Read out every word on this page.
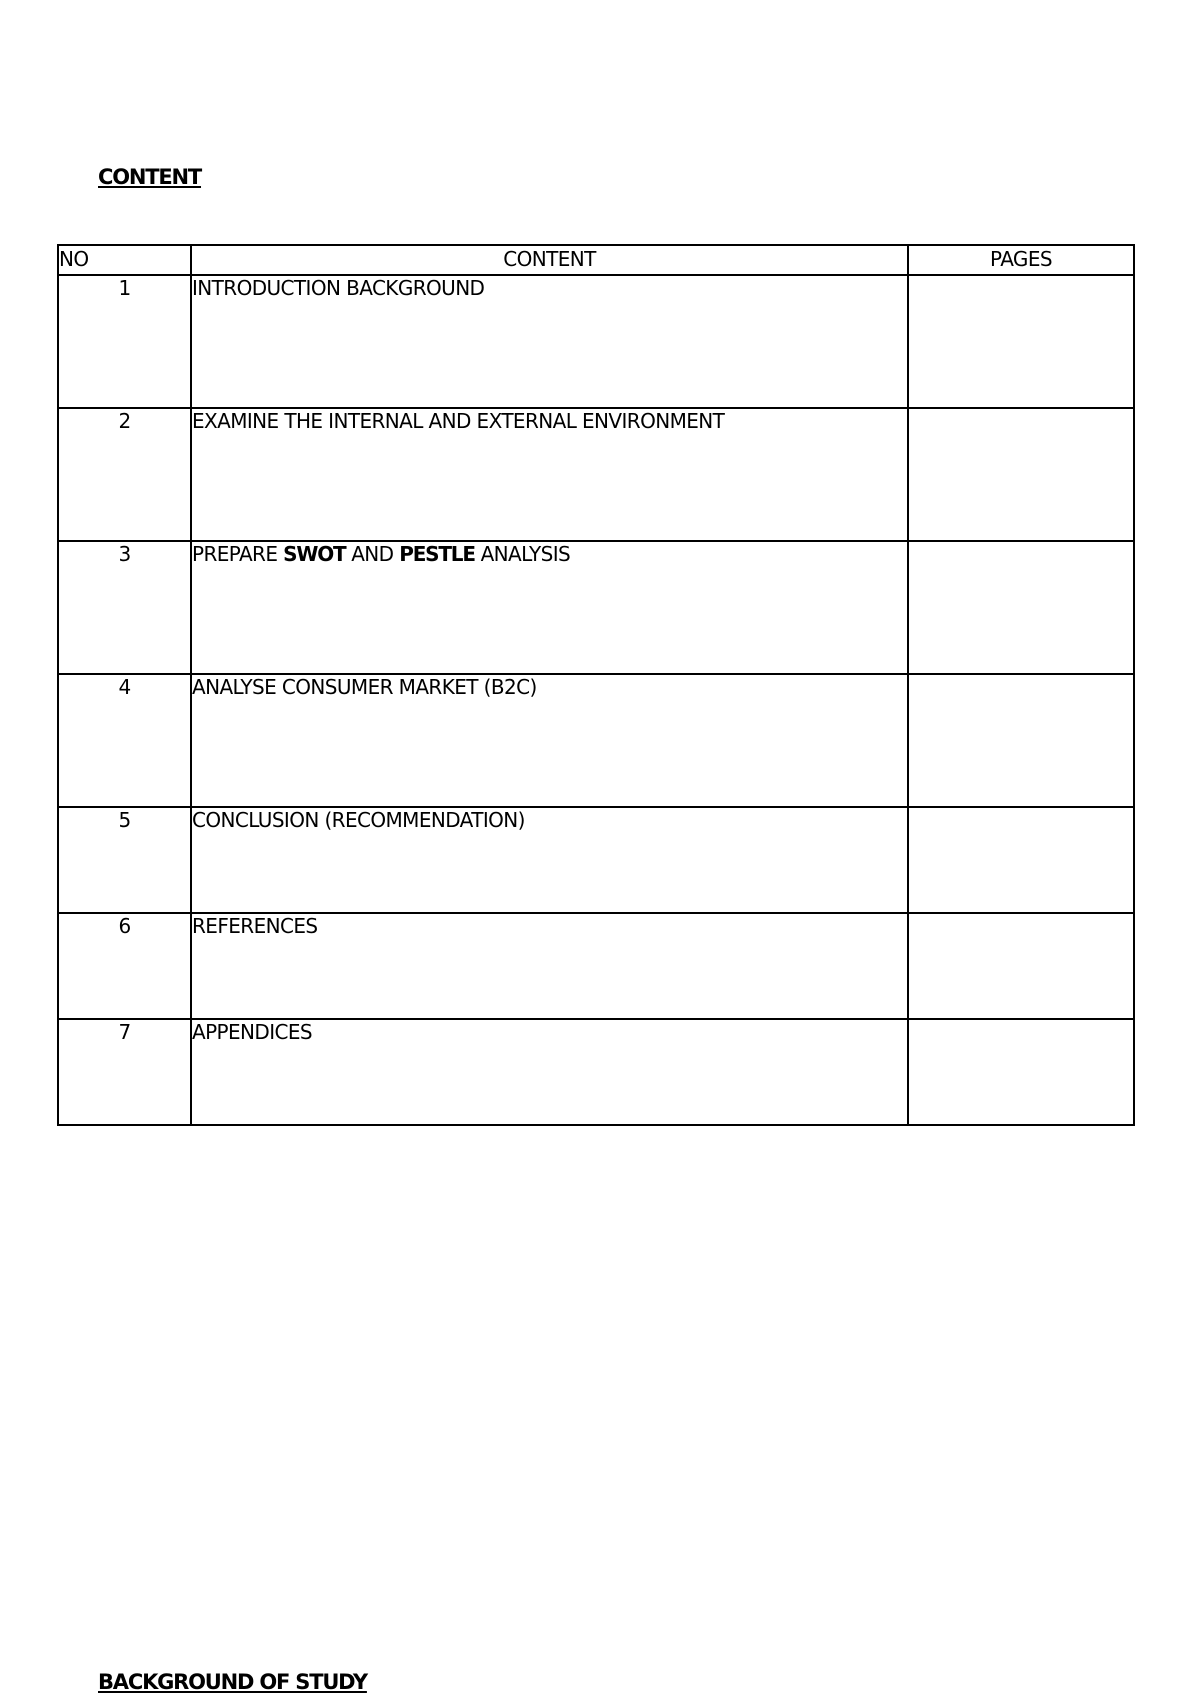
CONTENT
NO	CONTENT	PAGES
1	INTRODUCTION BACKGROUND	
2	EXAMINE THE INTERNAL AND EXTERNAL ENVIRONMENT	
3	PREPARE SWOT AND PESTLE ANALYSIS	
4	ANALYSE CONSUMER MARKET (B2C)	
5	CONCLUSION (RECOMMENDATION)	
6	REFERENCES	
7	APPENDICES	
BACKGROUND OF STUDY
